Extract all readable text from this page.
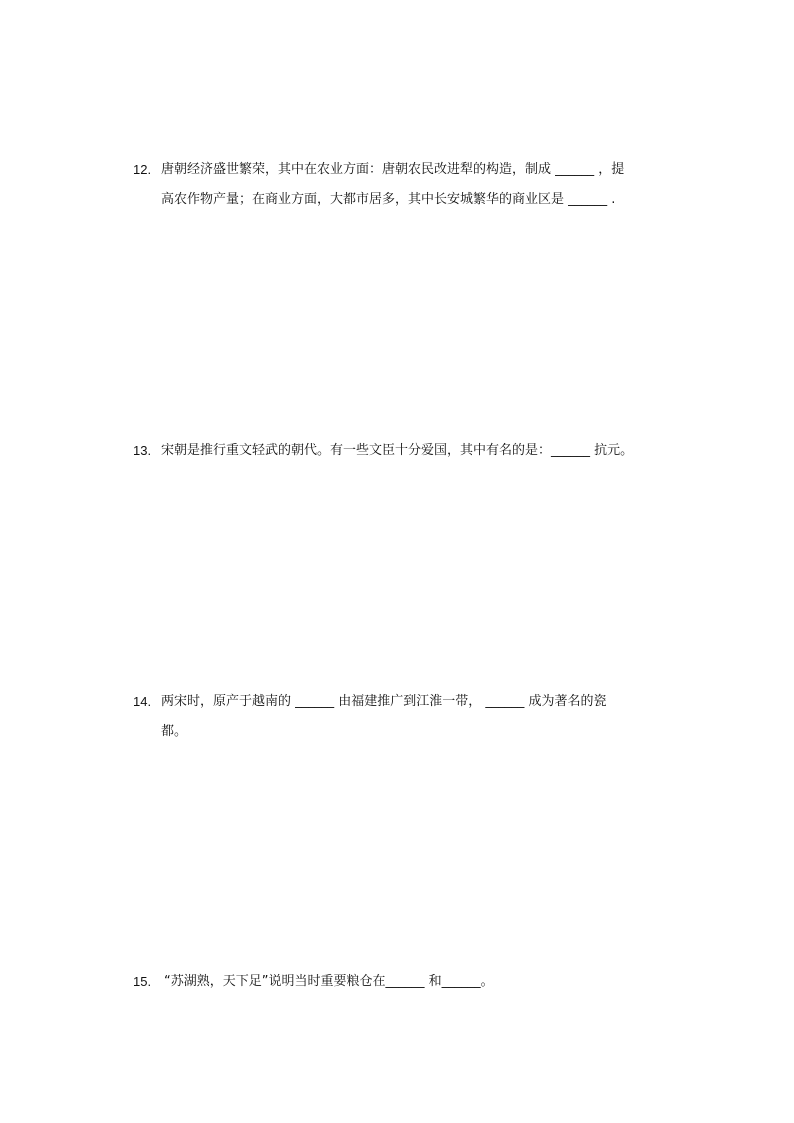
12. 唐朝经济盛世繁荣，其中在农业方面：唐朝农民改进犁的构造，制成 ______ ，提
高农作物产量；在商业方面，大都市居多，其中长安城繁华的商业区是 ______ .
13. 宋朝是推行重文轻武的朝代。有一些文臣十分爱国，其中有名的是：______ 抗元。
14. 两宋时，原产于越南的 ______ 由福建推广到江淮一带， ______ 成为著名的瓷
都。
15. “苏湖熟，天下足”说明当时重要粮仓在______ 和______。
